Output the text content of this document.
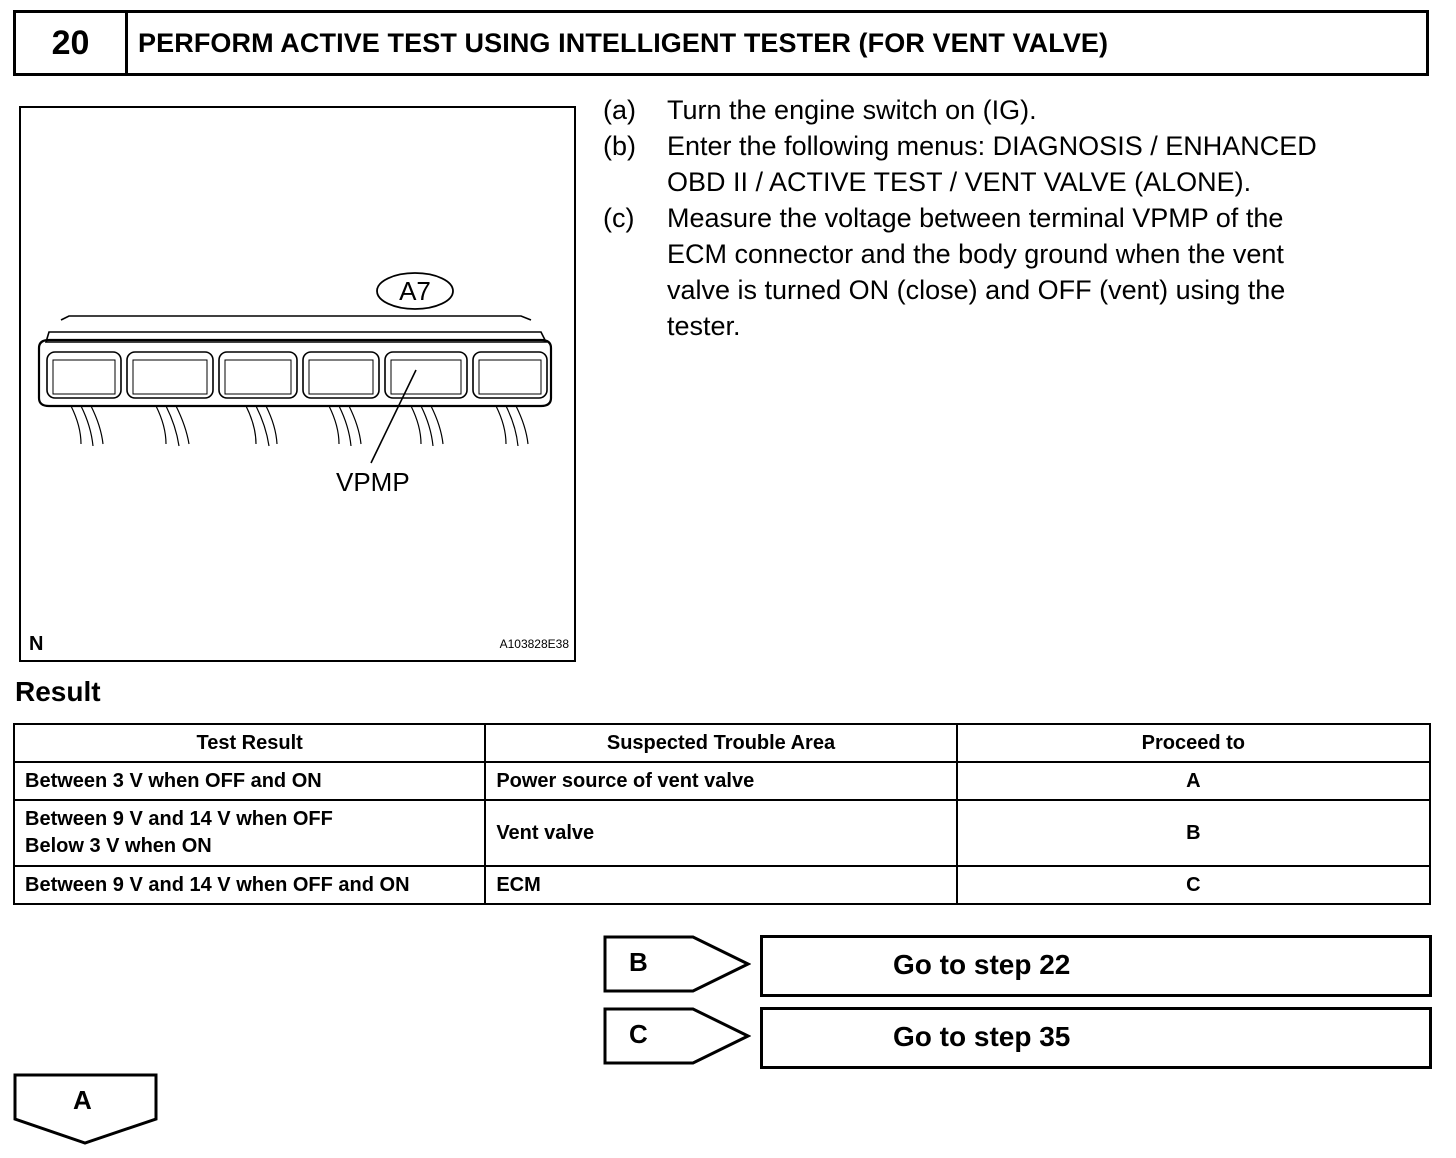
20	PERFORM ACTIVE TEST USING INTELLIGENT TESTER (FOR VENT VALVE)
A7
VPMP
N	A103828E38
(a) Turn the engine switch on (IG).
(b) Enter the following menus: DIAGNOSIS / ENHANCED
OBD II / ACTIVE TEST / VENT VALVE (ALONE).
(c) Measure the voltage between terminal VPMP of the
ECM connector and the body ground when the vent
valve is turned ON (close) and OFF (vent) using the
tester.
Result
Test Result	Suspected Trouble Area	Proceed to

Between 3 V when OFF and ON	Power source of vent valve	A

Between 9 V and 14 V when OFF
Below 3 V when ON	Vent valve	B

Between 9 V and 14 V when OFF and ON	ECM	C
B	Go to step 22
C	Go to step 35
A
